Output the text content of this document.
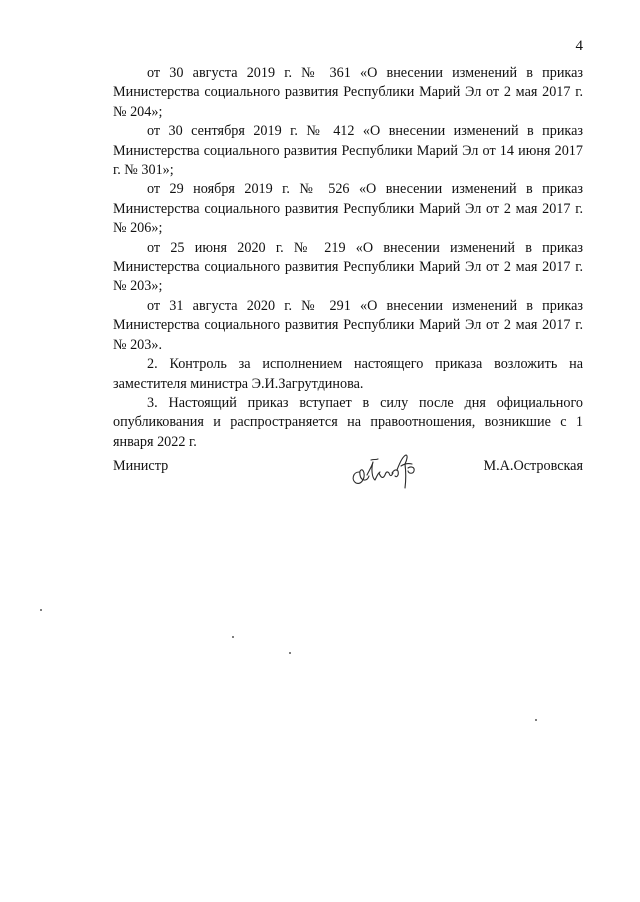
4

от 30 августа 2019 г. № 361 «О внесении изменений в приказ Министерства социального развития Республики Марий Эл от 2 мая 2017 г. № 204»;

от 30 сентября 2019 г. № 412 «О внесении изменений в приказ Министерства социального развития Республики Марий Эл от 14 июня 2017 г. № 301»;

от 29 ноября 2019 г. № 526 «О внесении изменений в приказ Министерства социального развития Республики Марий Эл от 2 мая 2017 г. № 206»;

от 25 июня 2020 г. № 219 «О внесении изменений в приказ Министерства социального развития Республики Марий Эл от 2 мая 2017 г. № 203»;

от 31 августа 2020 г. № 291 «О внесении изменений в приказ Министерства социального развития Республики Марий Эл от 2 мая 2017 г. № 203».

2. Контроль за исполнением настоящего приказа возложить на заместителя министра Э.И.Загрутдинова.

3. Настоящий приказ вступает в силу после дня официального опубликования и распространяется на правоотношения, возникшие с 1 января 2022 г.

Министр	М.А.Островская
